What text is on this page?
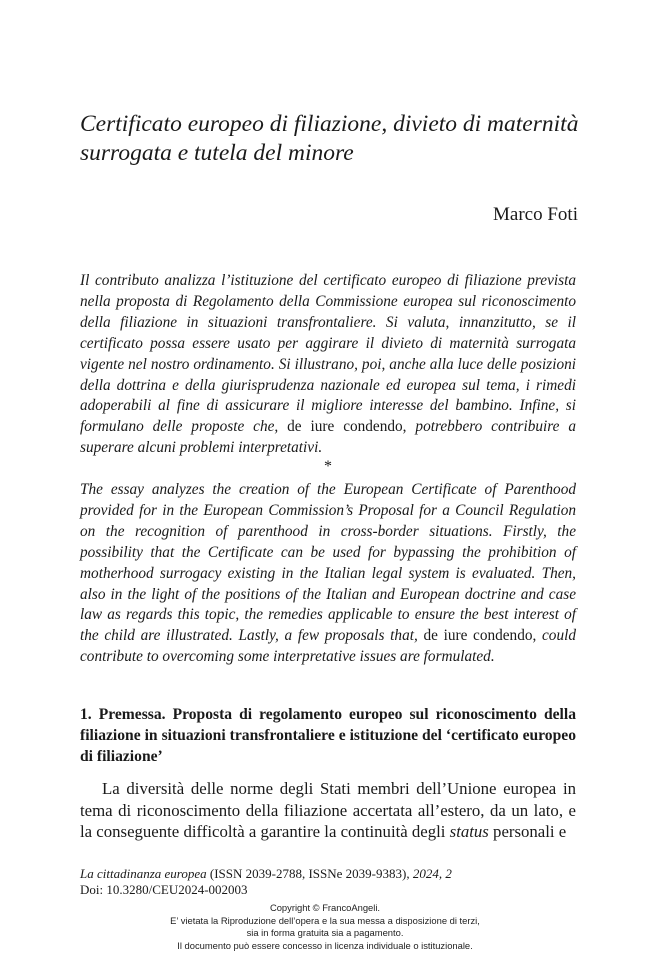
Certificato europeo di filiazione, divieto di maternità surrogata e tutela del minore
Marco Foti

Il contributo analizza l’istituzione del certificato europeo di filiazione prevista nella proposta di Regolamento della Commissione europea sul riconoscimento della filiazione in situazioni transfrontaliere. Si valuta, innanzitutto, se il certificato possa essere usato per aggirare il divieto di maternità surrogata vigente nel nostro ordinamento. Si illustrano, poi, anche alla luce delle posizioni della dottrina e della giurisprudenza nazionale ed europea sul tema, i rimedi adoperabili al fine di assicurare il migliore interesse del bambino. Infine, si formulano delle proposte che, de iure condendo, potrebbero contribuire a superare alcuni problemi interpretativi.

*

The essay analyzes the creation of the European Certificate of Parenthood provided for in the European Commission’s Proposal for a Council Regulation on the recognition of parenthood in cross-border situations. Firstly, the possibility that the Certificate can be used for bypassing the prohibition of motherhood surrogacy existing in the Italian legal system is evaluated. Then, also in the light of the positions of the Italian and European doctrine and case law as regards this topic, the remedies applicable to ensure the best interest of the child are illustrated. Lastly, a few proposals that, de iure condendo, could contribute to overcoming some interpretative issues are formulated.

1. Premessa. Proposta di regolamento europeo sul riconoscimento della filiazione in situazioni transfrontaliere e istituzione del ‘certificato europeo di filiazione’

La diversità delle norme degli Stati membri dell’Unione europea in tema di riconoscimento della filiazione accertata all’estero, da un lato, e la conseguente difficoltà a garantire la continuità degli status personali e

La cittadinanza europea (ISSN 2039-2788, ISSNe 2039-9383), 2024, 2
Doi: 10.3280/CEU2024-002003
Copyright © FrancoAngeli.
E’ vietata la Riproduzione dell’opera e la sua messa a disposizione di terzi,
sia in forma gratuita sia a pagamento.
Il documento può essere concesso in licenza individuale o istituzionale.
